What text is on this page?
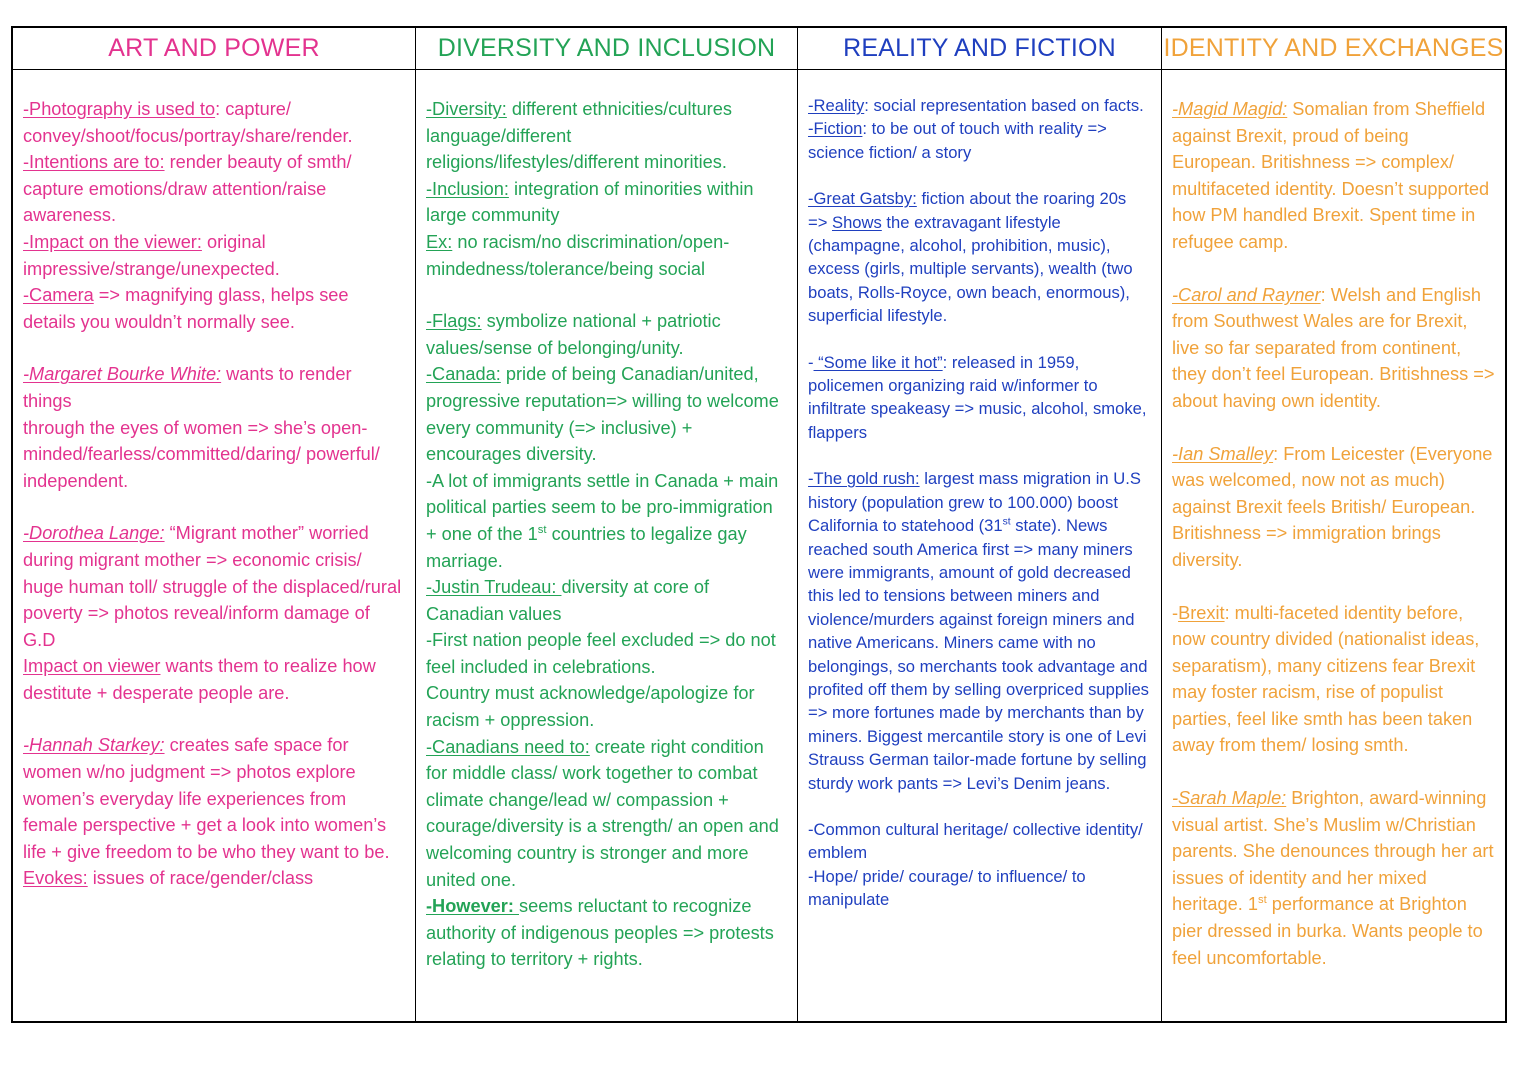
ART AND POWER

-Photography is used to: capture/ convey/shoot/focus/portray/share/render.

-Intentions are to: render beauty of smth/ capture emotions/draw attention/raise awareness.

-Impact on the viewer: original impressive/strange/unexpected.

-Camera => magnifying glass, helps see details you wouldn’t normally see.

-Margaret Bourke White: wants to render things

through the eyes of women => she’s open-minded/fearless/committed/daring/ powerful/

independent.

-Dorothea Lange: “Migrant mother” worried during migrant mother => economic crisis/ huge human toll/ struggle of the displaced/rural poverty => photos reveal/inform damage of G.D

Impact on viewer wants them to realize how destitute + desperate people are.

-Hannah Starkey: creates safe space for women w/no judgment => photos explore women’s everyday life experiences from female perspective + get a look into women’s life + give freedom to be who they want to be.

Evokes: issues of race/gender/class

DIVERSITY AND INCLUSION

-Diversity: different ethnicities/cultures language/different religions/lifestyles/different minorities.

-Inclusion: integration of minorities within large community

Ex: no racism/no discrimination/open-mindedness/tolerance/being social

-Flags: symbolize national + patriotic values/sense of belonging/unity.

-Canada: pride of being Canadian/united, progressive reputation=> willing to welcome every community (=> inclusive) + encourages diversity.

-A lot of immigrants settle in Canada + main political parties seem to be pro-immigration + one of the 1st countries to legalize gay marriage.

-Justin Trudeau: diversity at core of Canadian values

-First nation people feel excluded => do not feel included in celebrations.

Country must acknowledge/apologize for racism + oppression.

-Canadians need to: create right condition for middle class/ work together to combat climate change/lead w/ compassion + courage/diversity is a strength/ an open and welcoming country is stronger and more united one.

-However: seems reluctant to recognize authority of indigenous peoples => protests relating to territory + rights.

REALITY AND FICTION

-Reality: social representation based on facts.

-Fiction: to be out of touch with reality => science fiction/ a story

-Great Gatsby: fiction about the roaring 20s

=> Shows the extravagant lifestyle (champagne, alcohol, prohibition, music), excess (girls, multiple servants), wealth (two boats, Rolls-Royce, own beach, enormous), superficial lifestyle.

- “Some like it hot”: released in 1959, policemen organizing raid w/informer to infiltrate speakeasy => music, alcohol, smoke, flappers

-The gold rush: largest mass migration in U.S history (population grew to 100.000) boost California to statehood (31st state). News reached south America first => many miners were immigrants, amount of gold decreased this led to tensions between miners and violence/murders against foreign miners and native Americans. Miners came with no belongings, so merchants took advantage and profited off them by selling overpriced supplies => more fortunes made by merchants than by miners. Biggest mercantile story is one of Levi Strauss German tailor-made fortune by selling sturdy work pants => Levi’s Denim jeans.

-Common cultural heritage/ collective identity/ emblem

-Hope/ pride/ courage/ to influence/ to manipulate

IDENTITY AND EXCHANGES

-Magid Magid: Somalian from Sheffield against Brexit, proud of being European. Britishness => complex/ multifaceted identity. Doesn’t supported how PM handled Brexit. Spent time in refugee camp.

-Carol and Rayner: Welsh and English from Southwest Wales are for Brexit, live so far separated from continent, they don’t feel European. Britishness => about having own identity.

-Ian Smalley: From Leicester (Everyone was welcomed, now not as much) against Brexit feels British/ European. Britishness => immigration brings diversity.

-Brexit: multi-faceted identity before, now country divided (nationalist ideas, separatism), many citizens fear Brexit may foster racism, rise of populist parties, feel like smth has been taken away from them/ losing smth.

-Sarah Maple: Brighton, award-winning visual artist. She’s Muslim w/Christian parents. She denounces through her art issues of identity and her mixed heritage. 1st performance at Brighton pier dressed in burka. Wants people to feel uncomfortable.
